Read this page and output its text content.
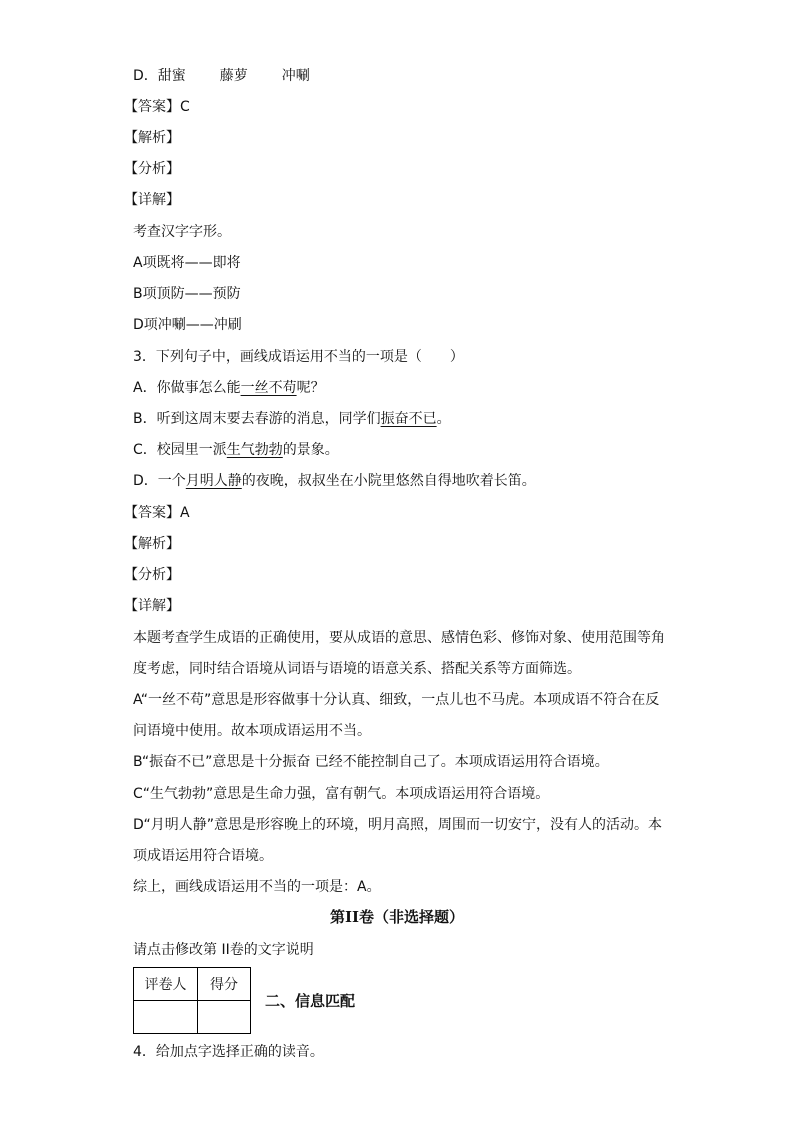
D．甜蜜 藤萝 冲唰
【答案】C
【解析】
【分析】
【详解】
考查汉字字形。
A项既将——即将
B项顶防——预防
D项冲唰——冲刷
3．下列句子中，画线成语运用不当的一项是（　　）
A．你做事怎么能一丝不苟呢？
B．听到这周末要去春游的消息，同学们振奋不已。
C．校园里一派生气勃勃的景象。
D．一个月明人静的夜晚，叔叔坐在小院里悠然自得地吹着长笛。
【答案】A
【解析】
【分析】
【详解】
本题考查学生成语的正确使用，要从成语的意思、感情色彩、修饰对象、使用范围等角
度考虑，同时结合语境从词语与语境的语意关系、搭配关系等方面筛选。
A“一丝不苟”意思是形容做事十分认真、细致，一点儿也不马虎。本项成语不符合在反
问语境中使用。故本项成语运用不当。
B“振奋不已”意思是十分振奋 已经不能控制自己了。本项成语运用符合语境。
C“生气勃勃”意思是生命力强，富有朝气。本项成语运用符合语境。
D“月明人静”意思是形容晚上的环境，明月高照，周围而一切安宁，没有人的活动。本
项成语运用符合语境。
综上，画线成语运用不当的一项是：A。
第II卷（非选择题）
请点击修改第 II卷的文字说明
评卷人	得分

二、信息匹配
4．给加点字选择正确的读音。
